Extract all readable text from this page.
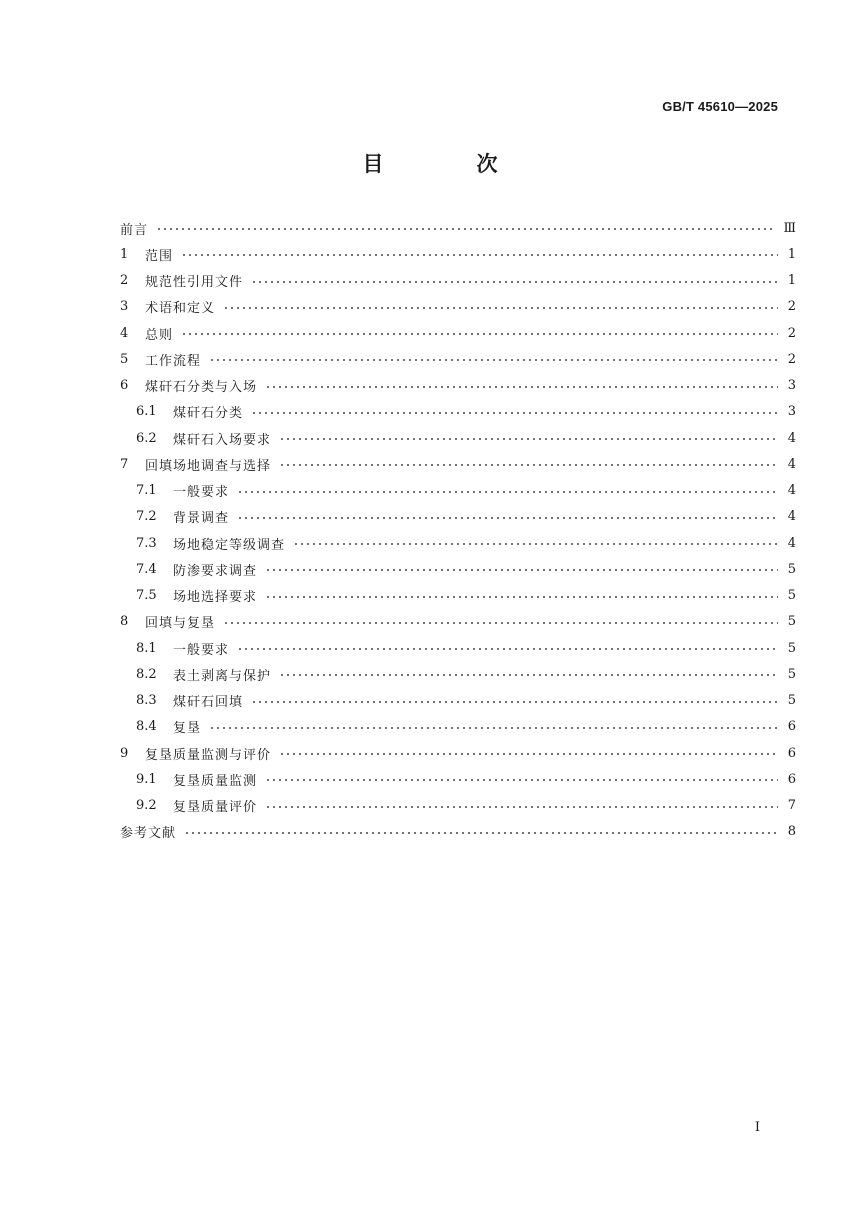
GB/T 45610—2025
目　次
前言	Ⅲ
1	范围	1
2	规范性引用文件	1
3	术语和定义	2
4	总则	2
5	工作流程	2
6	煤矸石分类与入场	3
6.1	煤矸石分类	3
6.2	煤矸石入场要求	4
7	回填场地调查与选择	4
7.1	一般要求	4
7.2	背景调查	4
7.3	场地稳定等级调查	4
7.4	防渗要求调查	5
7.5	场地选择要求	5
8	回填与复垦	5
8.1	一般要求	5
8.2	表土剥离与保护	5
8.3	煤矸石回填	5
8.4	复垦	6
9	复垦质量监测与评价	6
9.1	复垦质量监测	6
9.2	复垦质量评价	7
参考文献	8
Ⅰ
